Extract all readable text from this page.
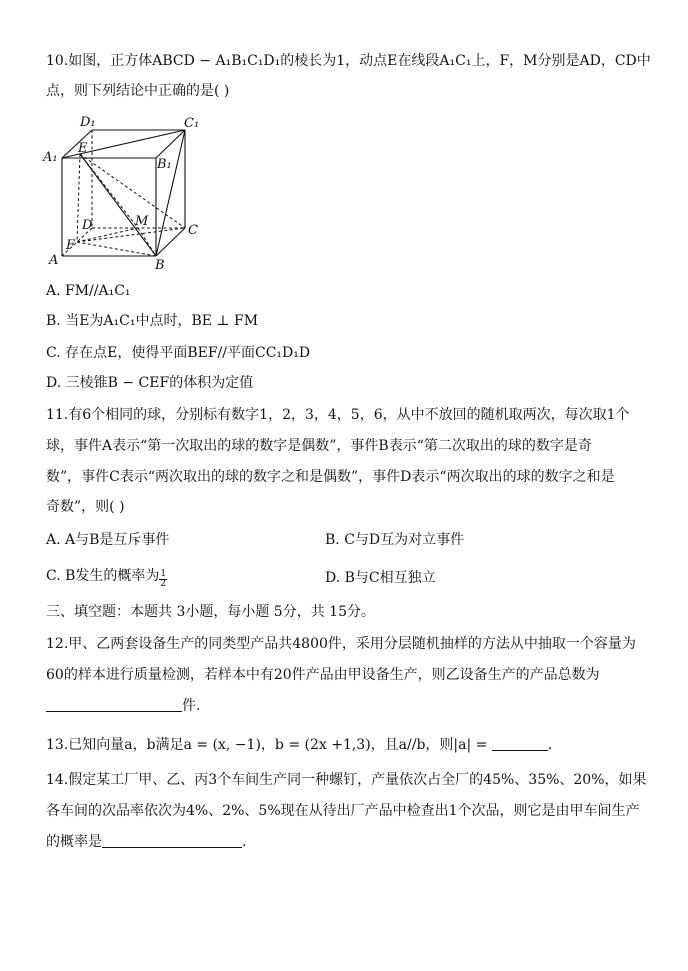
10.如图，正方体ABCD − A₁B₁C₁D₁的棱长为1，动点E在线段A₁C₁上，F，M分别是AD，CD中
点，则下列结论中正确的是( )
D₁	C₁
A₁
E
B₁
D	M
C
F
A	B
A. FM//A₁C₁
B. 当E为A₁C₁中点时，BE ⊥ FM
C. 存在点E，使得平面BEF//平面CC₁D₁D
D. 三棱锥B − CEF的体积为定值
11.有6个相同的球，分别标有数字1，2，3，4，5，6，从中不放回的随机取两次，每次取1个
球，事件A表示“第一次取出的球的数字是偶数”，事件B表示“第二次取出的球的数字是奇
数”，事件C表示“两次取出的球的数字之和是偶数”，事件D表示“两次取出的球的数字之和是
奇数”，则( )
A. A与B是互斥事件	B. C与D互为对立事件
C. B发生的概率为 $\frac{1}{2}$	D. B与C相互独立
三、填空题：本题共 3小题，每小题 5分，共 15分。
12.甲、乙两套设备生产的同类型产品共4800件，采用分层随机抽样的方法从中抽取一个容量为
60的样本进行质量检测，若样本中有20件产品由甲设备生产，则乙设备生产的产品总数为
件.
13.已知向量a，b满足a = (x, −1)，b = (2x +1,3)，且a//b，则|a| =	.
14.假定某工厂甲、乙、丙3个车间生产同一种螺钉，产量依次占全厂的45%、35%、20%，如果
各车间的次品率依次为4%、2%、5%现在从待出厂产品中检查出1个次品，则它是由甲车间生产
的概率是	.
